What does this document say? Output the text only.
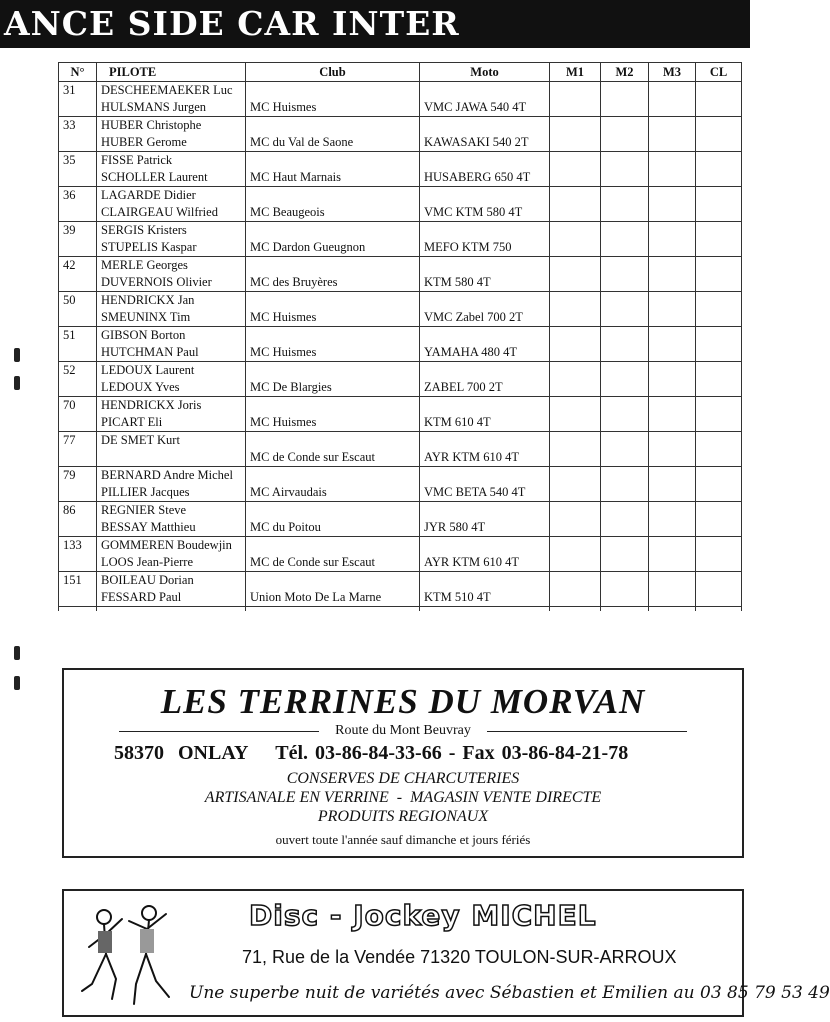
ANCE SIDE CAR INTER
N°	PILOTE	Club	Moto	M1	M2	M3	CL
31	DESCHEEMAEKER Luc						
	HULSMANS Jurgen	MC Huismes	VMC JAWA 540 4T				
33	HUBER Christophe						
	HUBER Gerome	MC du Val de Saone	KAWASAKI 540 2T				
35	FISSE Patrick						
	SCHOLLER Laurent	MC Haut Marnais	HUSABERG 650 4T				
36	LAGARDE Didier						
	CLAIRGEAU Wilfried	MC Beaugeois	VMC KTM 580 4T				
39	SERGIS Kristers						
	STUPELIS Kaspar	MC Dardon Gueugnon	MEFO KTM 750				
42	MERLE Georges						
	DUVERNOIS Olivier	MC des Bruyères	KTM 580 4T				
50	HENDRICKX Jan						
	SMEUNINX Tim	MC Huismes	VMC Zabel 700 2T				
51	GIBSON Borton						
	HUTCHMAN Paul	MC Huismes	YAMAHA 480 4T				
52	LEDOUX Laurent						
	LEDOUX Yves	MC De Blargies	ZABEL 700 2T				
70	HENDRICKX Joris						
	PICART Eli	MC Huismes	KTM 610 4T				
77	DE SMET Kurt						
		MC de Conde sur Escaut	AYR KTM 610 4T				
79	BERNARD Andre Michel						
	PILLIER Jacques	MC Airvaudais	VMC BETA 540 4T				
86	REGNIER Steve						
	BESSAY Matthieu	MC du Poitou	JYR 580 4T				
133	GOMMEREN Boudewjin						
	LOOS Jean-Pierre	MC de Conde sur Escaut	AYR KTM 610 4T				
151	BOILEAU Dorian						
	FESSARD Paul	Union Moto De La Marne	KTM 510 4T				

LES TERRINES DU MORVAN
Route du Mont Beuvray
58370  ONLAY    Tél. 03-86-84-33-66 - Fax 03-86-84-21-78
CONSERVES DE CHARCUTERIES
ARTISANALE EN VERRINE  -  MAGASIN VENTE DIRECTE
PRODUITS REGIONAUX
ouvert toute l'année sauf dimanche et jours fériés
Disc - Jockey MICHEL
71, Rue de la Vendée 71320 TOULON-SUR-ARROUX
Une superbe nuit de variétés avec Sébastien et Emilien au 03 85 79 53 49
